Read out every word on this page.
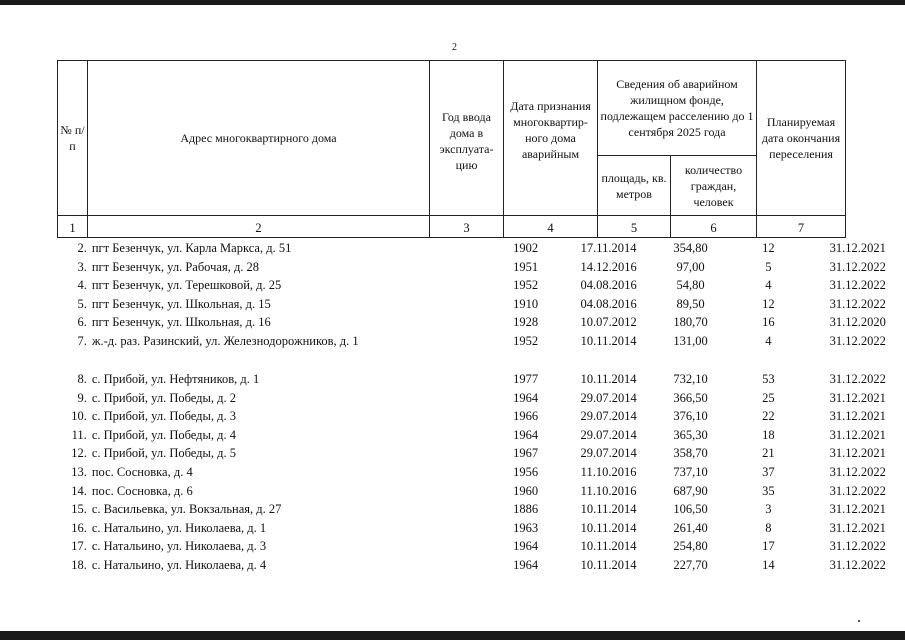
2
№ п/п	Адрес многоквартирного дома	Год ввода дома в эксплуата- цию	Дата признания многоквартир- ного дома аварийным	Сведения об аварийном жилищном фонде, подлежащем расселению до 1 сентября 2025 года		Планируемая дата окончания переселения
				площадь, кв. метров	количество граждан, человек	
1	2	3	4	5	6	7
2.	пгт Безенчук, ул. Карла Маркса, д. 51	1902	17.11.2014	354,80	12	31.12.2021
3.	пгт Безенчук, ул. Рабочая, д. 28	1951	14.12.2016	97,00	5	31.12.2022
4.	пгт Безенчук, ул. Терешковой, д. 25	1952	04.08.2016	54,80	4	31.12.2022
5.	пгт Безенчук, ул. Школьная, д. 15	1910	04.08.2016	89,50	12	31.12.2022
6.	пгт Безенчук, ул. Школьная, д. 16	1928	10.07.2012	180,70	16	31.12.2020
7.	ж.-д. раз. Разинский, ул. Железнодорожников, д. 1	1952	10.11.2014	131,00	4	31.12.2022
8.	с. Прибой, ул. Нефтяников, д. 1	1977	10.11.2014	732,10	53	31.12.2022
9.	с. Прибой, ул. Победы, д. 2	1964	29.07.2014	366,50	25	31.12.2021
10.	с. Прибой, ул. Победы, д. 3	1966	29.07.2014	376,10	22	31.12.2021
11.	с. Прибой, ул. Победы, д. 4	1964	29.07.2014	365,30	18	31.12.2021
12.	с. Прибой, ул. Победы, д. 5	1967	29.07.2014	358,70	21	31.12.2021
13.	пос. Сосновка, д. 4	1956	11.10.2016	737,10	37	31.12.2022
14.	пос. Сосновка, д. 6	1960	11.10.2016	687,90	35	31.12.2022
15.	с. Васильевка, ул. Вокзальная, д. 27	1886	10.11.2014	106,50	3	31.12.2021
16.	с. Натальино, ул. Николаева, д. 1	1963	10.11.2014	261,40	8	31.12.2021
17.	с. Натальино, ул. Николаева, д. 3	1964	10.11.2014	254,80	17	31.12.2022
18.	с. Натальино, ул. Николаева, д. 4	1964	10.11.2014	227,70	14	31.12.2022
